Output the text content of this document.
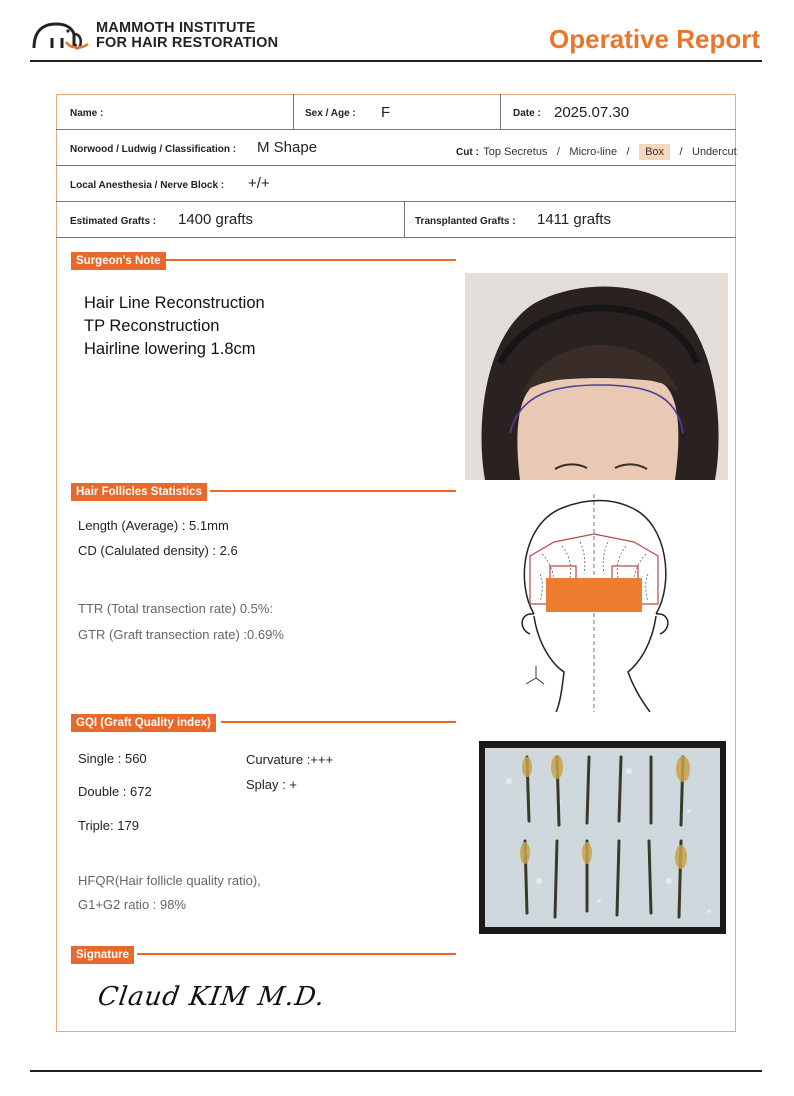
MAMMOTH INSTITUTE
FOR HAIR RESTORATION	Operative Report
Name :	Sex / Age : F	Date : 2025.07.30
Norwood / Ludwig / Classification : M Shape	Cut : Top Secretus / Micro-line / Box / Undercut
Local Anesthesia / Nerve Block : +/+
Estimated Grafts : 1400 grafts	Transplanted Grafts : 1411 grafts
Surgeon's Note
Hair Line Reconstruction
TP Reconstruction
Hairline lowering 1.8cm
Hair Follicles Statistics
Length (Average) : 5.1mm
CD (Calulated density) : 2.6
TTR (Total transection rate) 0.5%:
GTR (Graft transection rate) :0.69%
GQI (Graft Quality index)
Single : 560
Double : 672
Triple: 179
Curvature :+++
Splay : +
HFQR(Hair follicle quality ratio),
G1+G2 ratio : 98%
Signature
Claud KIM M.D.
